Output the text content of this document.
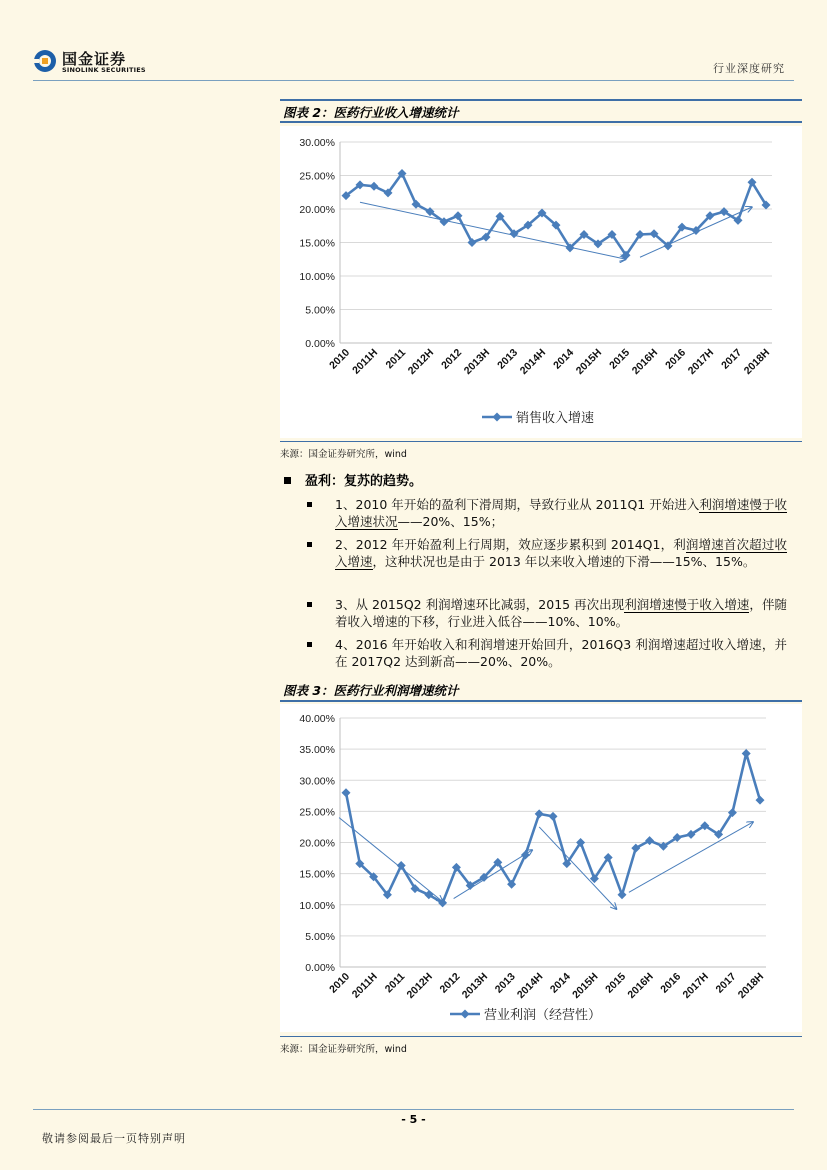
国金证券
SINOLINK SECURITIES	行业深度研究
图表 2：医药行业收入增速统计
0.00%
5.00%
10.00%
15.00%
20.00%
25.00%
30.00%
2010
2011H 2011
2012H 2012
2013H 2013
2014H 2014
2015H 2015
2016H 2016
2017H 2017
2018H
销售收入增速
来源：国金证券研究所，wind
盈利：复苏的趋势。
1、2010 年开始的盈利下滑周期，导致行业从 2011Q1 开始进入利润增速慢于收入增速状况——20%、15%；
2、2012 年开始盈利上行周期，效应逐步累积到 2014Q1，利润增速首次超过收入增速，这种状况也是由于 2013 年以来收入增速的下滑——15%、15%。
3、从 2015Q2 利润增速环比减弱，2015 再次出现利润增速慢于收入增速，伴随着收入增速的下移，行业进入低谷——10%、10%。
4、2016 年开始收入和利润增速开始回升，2016Q3 利润增速超过收入增速，并在 2017Q2 达到新高——20%、20%。
图表 3：医药行业利润增速统计
0.00%
5.00%
10.00%
15.00%
20.00%
25.00%
30.00%
35.00%
40.00%
2010
2011H 2011
2012H 2012
2013H 2013
2014H 2014
2015H 2015
2016H 2016
2017H 2017
2018H
营业利润（经营性）
来源：国金证券研究所，wind
- 5 -
敬请参阅最后一页特别声明
